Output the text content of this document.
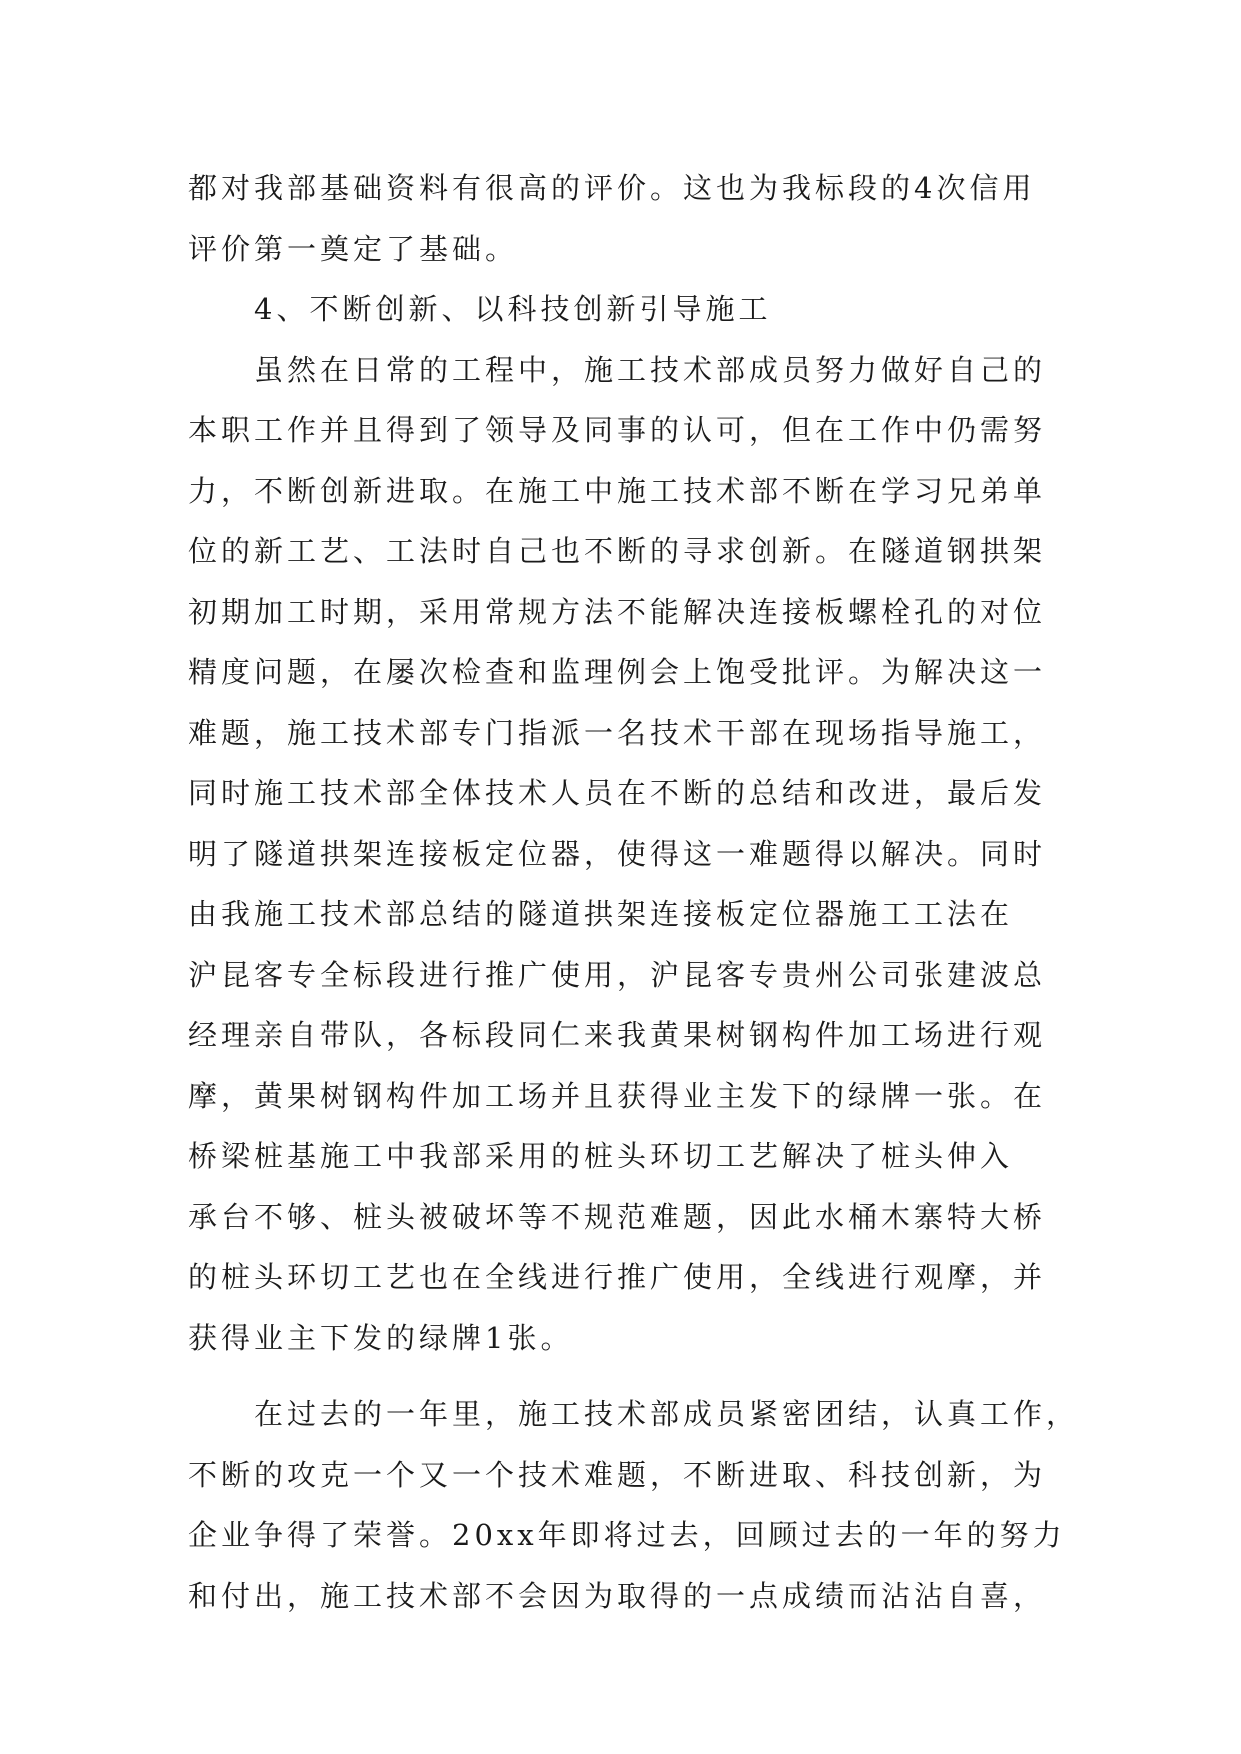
都对我部基础资料有很高的评价。这也为我标段的4次信用
评价第一奠定了基础。
4、不断创新、以科技创新引导施工
虽然在日常的工程中，施工技术部成员努力做好自己的
本职工作并且得到了领导及同事的认可，但在工作中仍需努
力，不断创新进取。在施工中施工技术部不断在学习兄弟单
位的新工艺、工法时自己也不断的寻求创新。在隧道钢拱架
初期加工时期，采用常规方法不能解决连接板螺栓孔的对位
精度问题，在屡次检查和监理例会上饱受批评。为解决这一
难题，施工技术部专门指派一名技术干部在现场指导施工，
同时施工技术部全体技术人员在不断的总结和改进，最后发
明了隧道拱架连接板定位器，使得这一难题得以解决。同时
由我施工技术部总结的隧道拱架连接板定位器施工工法在
沪昆客专全标段进行推广使用，沪昆客专贵州公司张建波总
经理亲自带队，各标段同仁来我黄果树钢构件加工场进行观
摩，黄果树钢构件加工场并且获得业主发下的绿牌一张。在
桥梁桩基施工中我部采用的桩头环切工艺解决了桩头伸入
承台不够、桩头被破坏等不规范难题，因此水桶木寨特大桥
的桩头环切工艺也在全线进行推广使用，全线进行观摩，并
获得业主下发的绿牌1张。
在过去的一年里，施工技术部成员紧密团结，认真工作，
不断的攻克一个又一个技术难题，不断进取、科技创新，为
企业争得了荣誉。20xx年即将过去，回顾过去的一年的努力
和付出，施工技术部不会因为取得的一点成绩而沾沾自喜，
